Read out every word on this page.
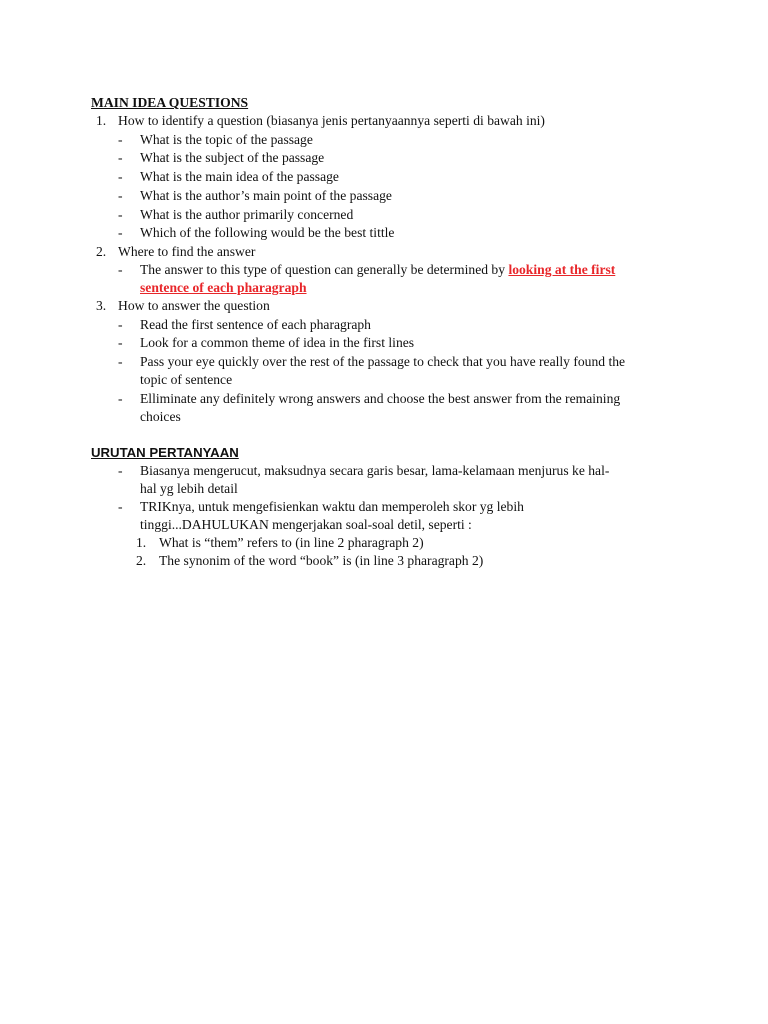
MAIN IDEA QUESTIONS
1. How to identify a question (biasanya jenis pertanyaannya seperti di bawah ini)
- What is the topic of the passage
- What is the subject of the passage
- What is the main idea of the passage
- What is the author’s main point of the passage
- What is the author primarily concerned
- Which of the following would be the best tittle
2. Where to find the answer
- The answer to this type of question can generally be determined by looking at the first
sentence of each pharagraph
3. How to answer the question
- Read the first sentence of each pharagraph
- Look for a common theme of idea in the first lines
- Pass your eye quickly over the rest of the passage to check that you have really found the
topic of sentence
- Elliminate any definitely wrong answers and choose the best answer from the remaining
choices
URUTAN PERTANYAAN
- Biasanya mengerucut, maksudnya secara garis besar, lama-kelamaan menjurus ke hal-
hal yg lebih detail
- TRIKnya, untuk mengefisienkan waktu dan memperoleh skor yg lebih
tinggi...DAHULUKAN mengerjakan soal-soal detil, seperti :
1. What is “them” refers to (in line 2 pharagraph 2)
2. The synonim of the word “book” is (in line 3 pharagraph 2)
